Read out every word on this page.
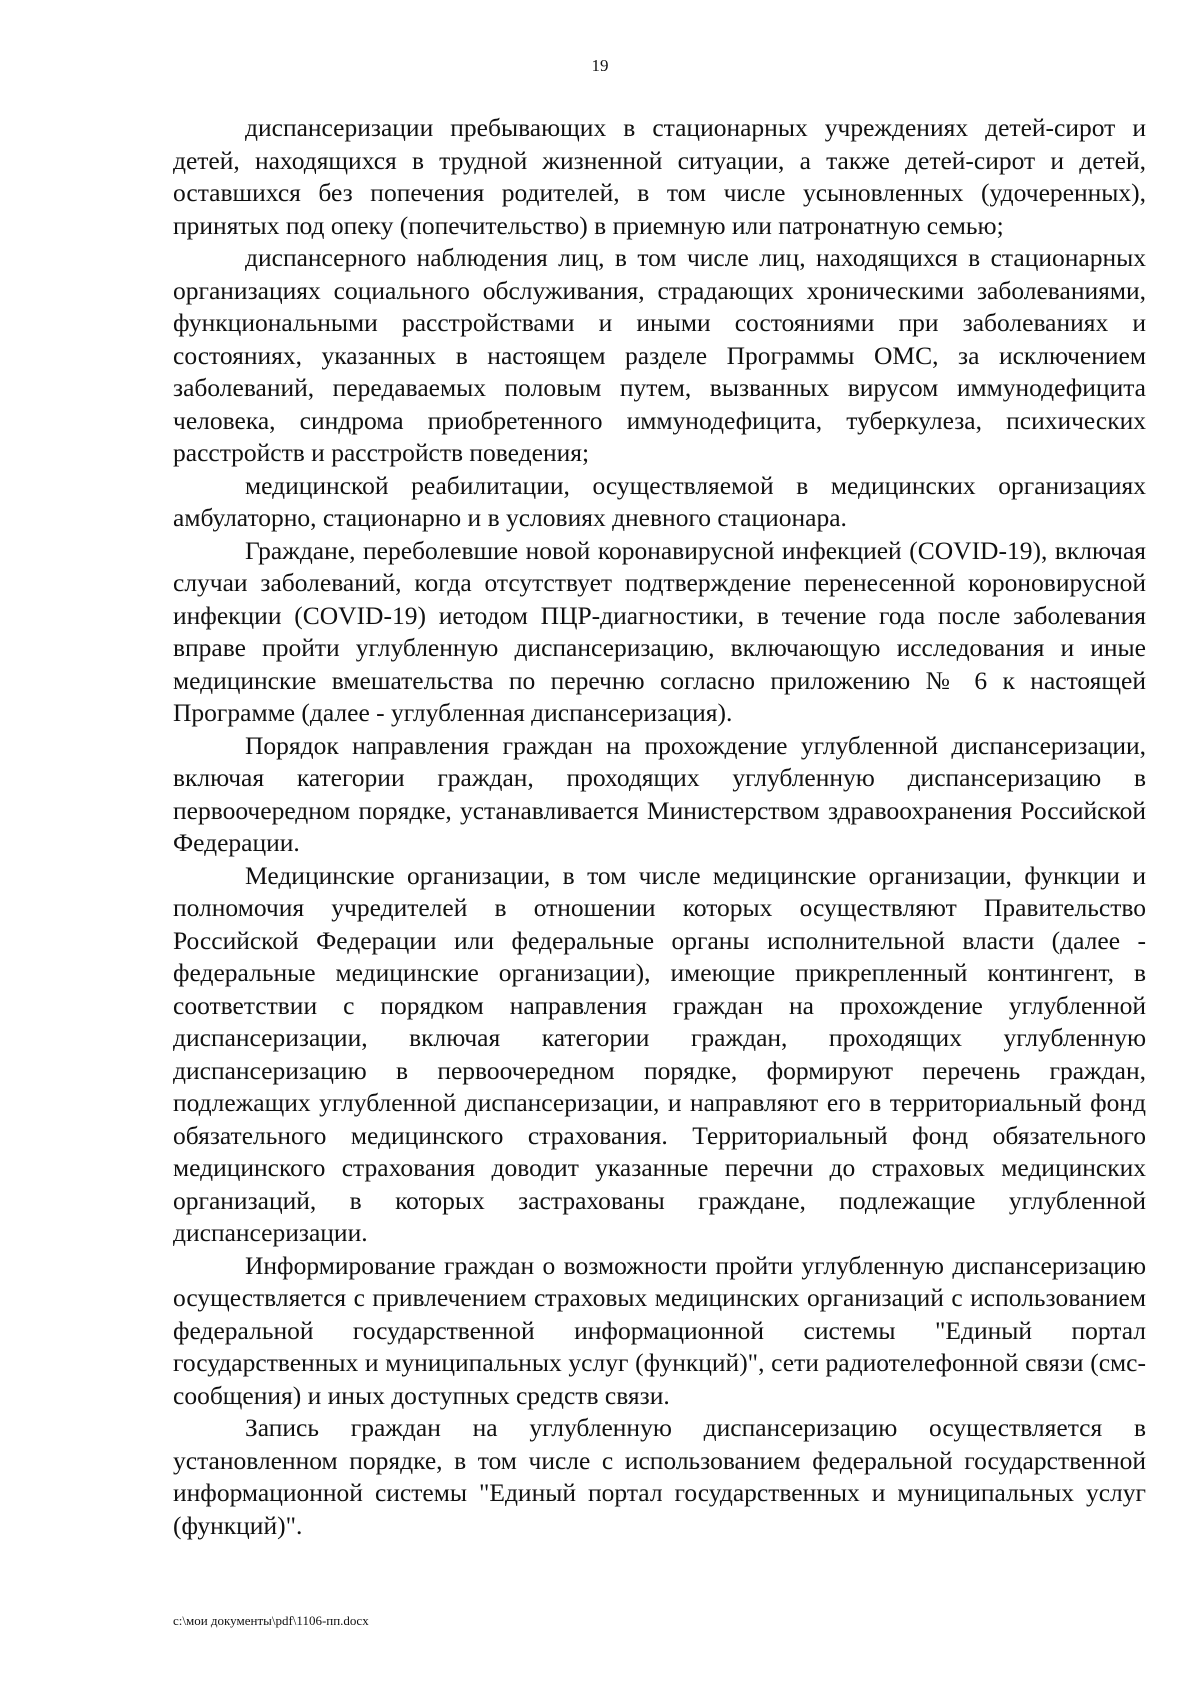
19

диспансеризации пребывающих в стационарных учреждениях детей-сирот и детей, находящихся в трудной жизненной ситуации, а также детей-сирот и детей, оставшихся без попечения родителей, в том числе усыновленных (удочеренных), принятых под опеку (попечительство) в приемную или патронатную семью;

диспансерного наблюдения лиц, в том числе лиц, находящихся в стационарных организациях социального обслуживания, страдающих хроническими заболеваниями, функциональными расстройствами и иными состояниями при заболеваниях и состояниях, указанных в настоящем разделе Программы ОМС, за исключением заболеваний, передаваемых половым путем, вызванных вирусом иммунодефицита человека, синдрома приобретенного иммунодефицита, туберкулеза, психических расстройств и расстройств поведения;

медицинской реабилитации, осуществляемой в медицинских организациях амбулаторно, стационарно и в условиях дневного стационара.

Граждане, переболевшие новой коронавирусной инфекцией (COVID-19), включая случаи заболеваний, когда отсутствует подтверждение перенесенной короновирусной инфекции (COVID-19) иетодом ПЦР-диагностики, в течение года после заболевания вправе пройти углубленную диспансеризацию, включающую исследования и иные медицинские вмешательства по перечню согласно приложению № 6 к настоящей Программе (далее - углубленная диспансеризация).

Порядок направления граждан на прохождение углубленной диспансеризации, включая категории граждан, проходящих углубленную диспансеризацию в первоочередном порядке, устанавливается Министерством здравоохранения Российской Федерации.

Медицинские организации, в том числе медицинские организации, функции и полномочия учредителей в отношении которых осуществляют Правительство Российской Федерации или федеральные органы исполнительной власти (далее - федеральные медицинские организации), имеющие прикрепленный контингент, в соответствии с порядком направления граждан на прохождение углубленной диспансеризации, включая категории граждан, проходящих углубленную диспансеризацию в первоочередном порядке, формируют перечень граждан, подлежащих углубленной диспансеризации, и направляют его в территориальный фонд обязательного медицинского страхования. Территориальный фонд обязательного медицинского страхования доводит указанные перечни до страховых медицинских организаций, в которых застрахованы граждане, подлежащие углубленной диспансеризации.

Информирование граждан о возможности пройти углубленную диспансеризацию осуществляется с привлечением страховых медицинских организаций с использованием федеральной государственной информационной системы "Единый портал государственных и муниципальных услуг (функций)", сети радиотелефонной связи (смс-сообщения) и иных доступных средств связи.

Запись граждан на углубленную диспансеризацию осуществляется в установленном порядке, в том числе с использованием федеральной государственной информационной системы "Единый портал государственных и муниципальных услуг (функций)".

c:\мои документы\pdf\1106-пп.docx
